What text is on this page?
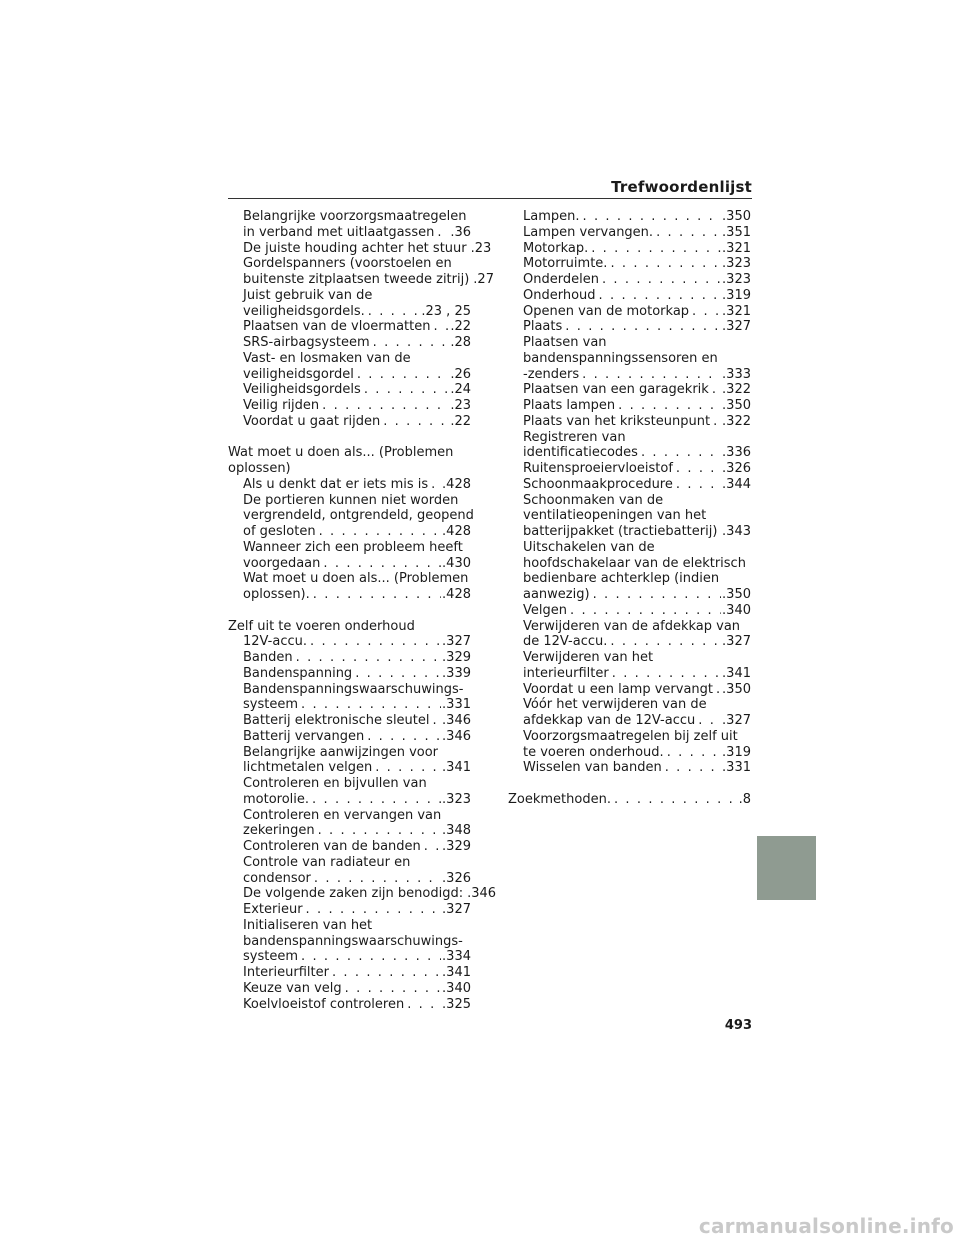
Trefwoordenlijst
Belangrijke voorzorgsmaatregelen
in verband met uitlaatgassen . . . .36
De juiste houding achter het stuur .23
Gordelspanners (voorstoelen en
buitenste zitplaatsen tweede zitrij) .27
Juist gebruik van de
veiligheidsgordels. . . .	.23 , 25
Plaatsen van de vloermatten . . . .22
SRS-airbagsysteem . . .	.28
Vast- en losmaken van de
veiligheidsgordel . . .	.26
Veiligheidsgordels . . .	.24
Veilig rijden . . .	.23
Voordat u gaat rijden . . .	.22
Wat moet u doen als... (Problemen
oplossen)
Als u denkt dat er iets mis is . . . .428
De portieren kunnen niet worden
vergrendeld, ontgrendeld, geopend
of gesloten . . .	.428
Wanneer zich een probleem heeft
voorgedaan . . .	.430
Wat moet u doen als... (Problemen
oplossen). . . .	.428
Zelf uit te voeren onderhoud
12V-accu. . . .	.327
Banden . . .	.329
Bandenspanning . . .	.339
Bandenspanningswaarschuwings-
systeem . . .	.331
Batterij elektronische sleutel . . . .346
Batterij vervangen . . .	.346
Belangrijke aanwijzingen voor
lichtmetalen velgen . . .	.341
Controleren en bijvullen van
motorolie. . . .	.323
Controleren en vervangen van
zekeringen . . .	.348
Controleren van de banden . . . .329
Controle van radiateur en
condensor . . .	.326
De volgende zaken zijn benodigd: .346
Exterieur . . .	.327
Initialiseren van het
bandenspanningswaarschuwings-
systeem . . .	.334
Interieurfilter . . .	.341
Keuze van velg . . .	.340
Koelvloeistof controleren . . .	.325
Lampen. . . .	.350
Lampen vervangen. . . .	.351
Motorkap. . . .	.321
Motorruimte. . . .	.323
Onderdelen . . .	.323
Onderhoud . . .	.319
Openen van de motorkap . . .	.321
Plaats . . .	.327
Plaatsen van
bandenspanningssensoren en
-zenders . . .	.333
Plaatsen van een garagekrik . . . .322
Plaats lampen . . .	.350
Plaats van het kriksteunpunt . . . .322
Registreren van
identificatiecodes . . .	.336
Ruitensproeiervloeistof . . .	.326
Schoonmaakprocedure . . .	.344
Schoonmaken van de
ventilatieopeningen van het
batterijpakket (tractiebatterij) . . . .343
Uitschakelen van de
hoofdschakelaar van de elektrisch
bedienbare achterklep (indien
aanwezig) . . .	.350
Velgen . . .	.340
Verwijderen van de afdekkap van
de 12V-accu. . . .	.327
Verwijderen van het
interieurfilter . . .	.341
Voordat u een lamp vervangt . . . .350
Vóór het verwijderen van de
afdekkap van de 12V-accu . . . .327
Voorzorgsmaatregelen bij zelf uit
te voeren onderhoud. . . .	.319
Wisselen van banden . . .	.331
Zoekmethoden. . . .	.8
493
carmanualsonline.info
